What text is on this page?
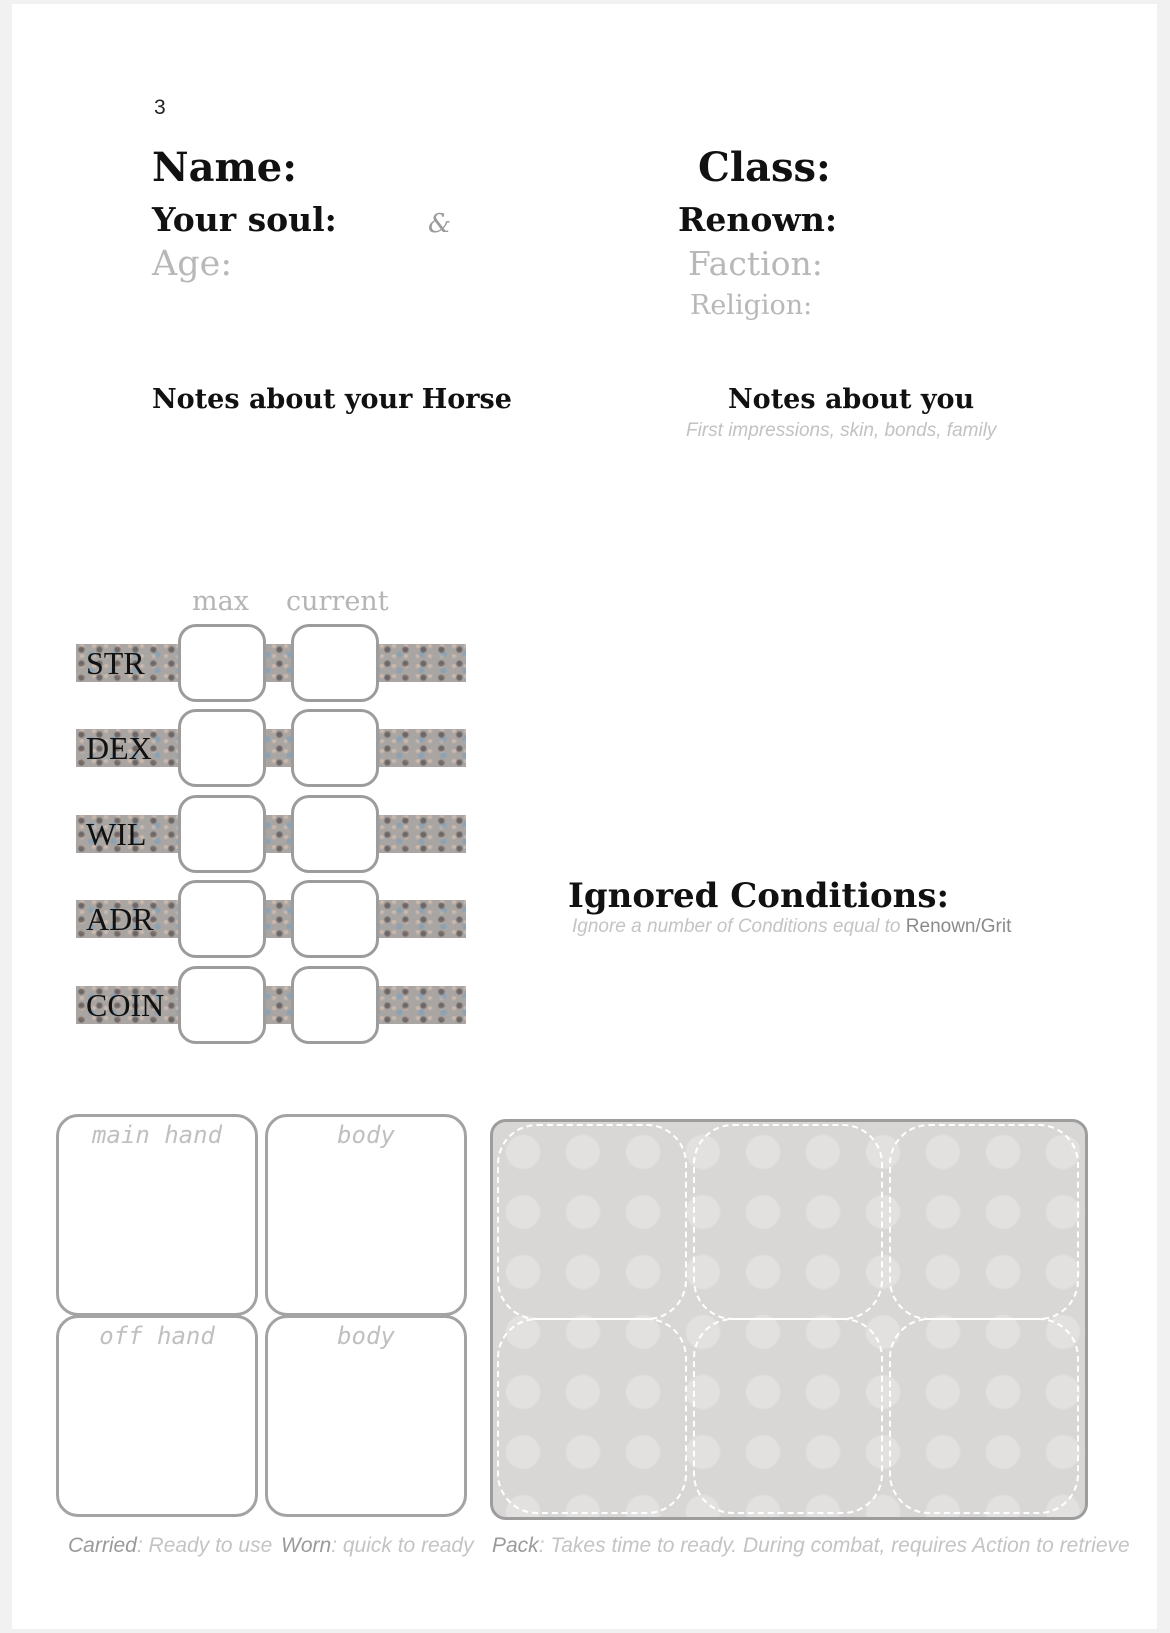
3
Name:	Class:
Your soul:	&	Renown:
Age:	Faction:
Religion:
Notes about your Horse	Notes about you
First impressions, skin, bonds, family
max current
STR
DEX
WIL
ADR
COIN
Ignored Conditions:
Ignore a number of Conditions equal to Renown/Grit
main hand	body
off hand	body
Carried: Ready to use Worn: quick to ready Pack: Takes time to ready. During combat, requires Action to retrieve
